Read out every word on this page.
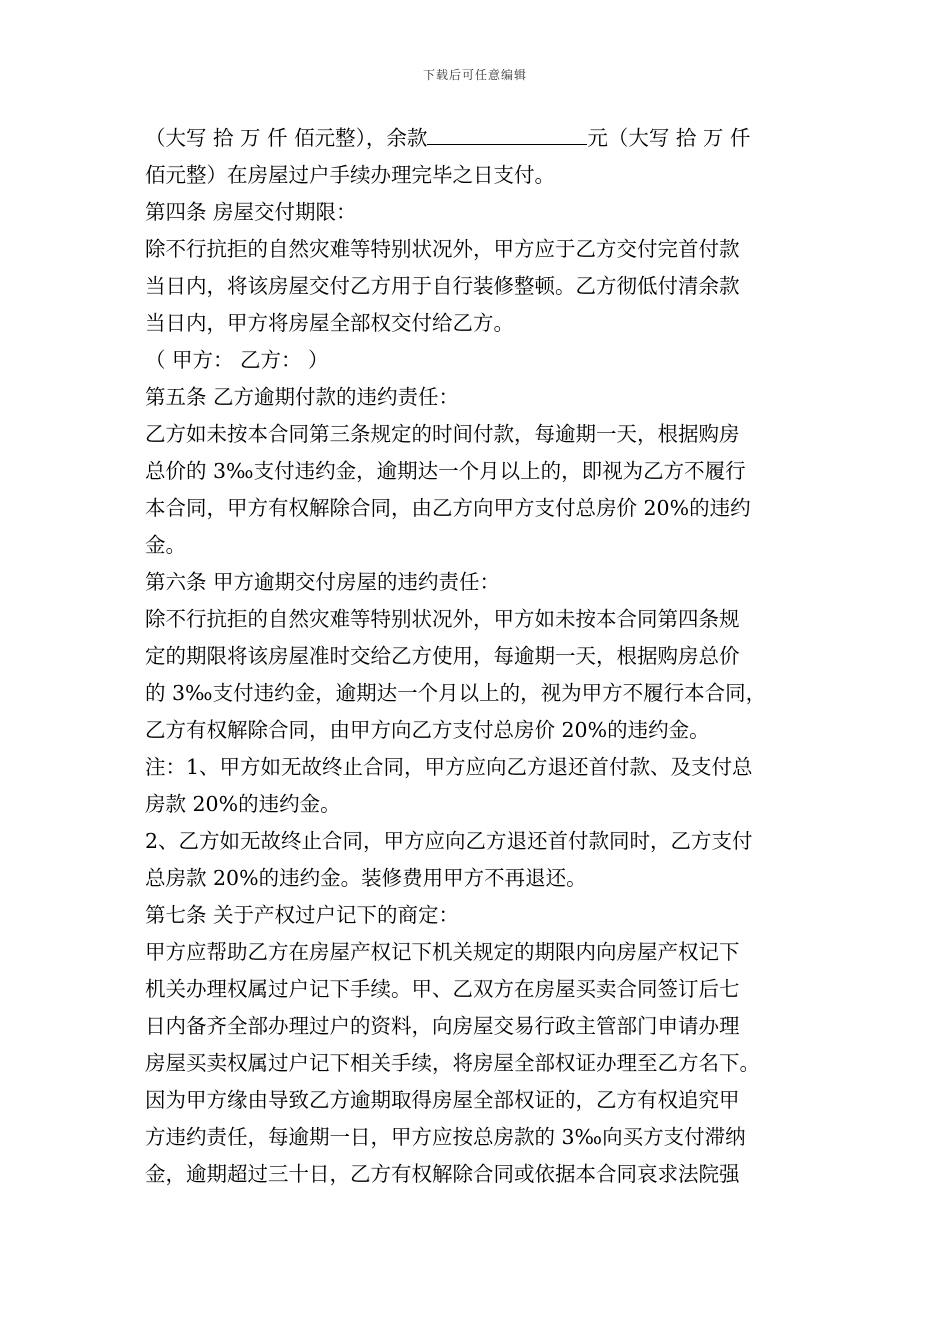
下载后可任意编辑
（大写 拾 万 仟 佰元整），余款	元（大写 拾 万 仟
佰元整）在房屋过户手续办理完毕之日支付。
第四条 房屋交付期限：
除不行抗拒的自然灾难等特别状况外，甲方应于乙方交付完首付款
当日内，将该房屋交付乙方用于自行装修整顿。乙方彻低付清余款
当日内，甲方将房屋全部权交付给乙方。
（ 甲方： 乙方： ）
第五条 乙方逾期付款的违约责任：
乙方如未按本合同第三条规定的时间付款，每逾期一天，根据购房
总价的 3‰支付违约金，逾期达一个月以上的，即视为乙方不履行
本合同，甲方有权解除合同，由乙方向甲方支付总房价 20%的违约
金。
第六条 甲方逾期交付房屋的违约责任：
除不行抗拒的自然灾难等特别状况外，甲方如未按本合同第四条规
定的期限将该房屋准时交给乙方使用，每逾期一天，根据购房总价
的 3‰支付违约金，逾期达一个月以上的，视为甲方不履行本合同，
乙方有权解除合同，由甲方向乙方支付总房价 20%的违约金。
注：1、甲方如无故终止合同，甲方应向乙方退还首付款、及支付总
房款 20%的违约金。
2、乙方如无故终止合同，甲方应向乙方退还首付款同时，乙方支付
总房款 20%的违约金。装修费用甲方不再退还。
第七条 关于产权过户记下的商定：
甲方应帮助乙方在房屋产权记下机关规定的期限内向房屋产权记下
机关办理权属过户记下手续。甲、乙双方在房屋买卖合同签订后七
日内备齐全部办理过户的资料，向房屋交易行政主管部门申请办理
房屋买卖权属过户记下相关手续，将房屋全部权证办理至乙方名下。
因为甲方缘由导致乙方逾期取得房屋全部权证的，乙方有权追究甲
方违约责任，每逾期一日，甲方应按总房款的 3‰向买方支付滞纳
金，逾期超过三十日，乙方有权解除合同或依据本合同哀求法院强
